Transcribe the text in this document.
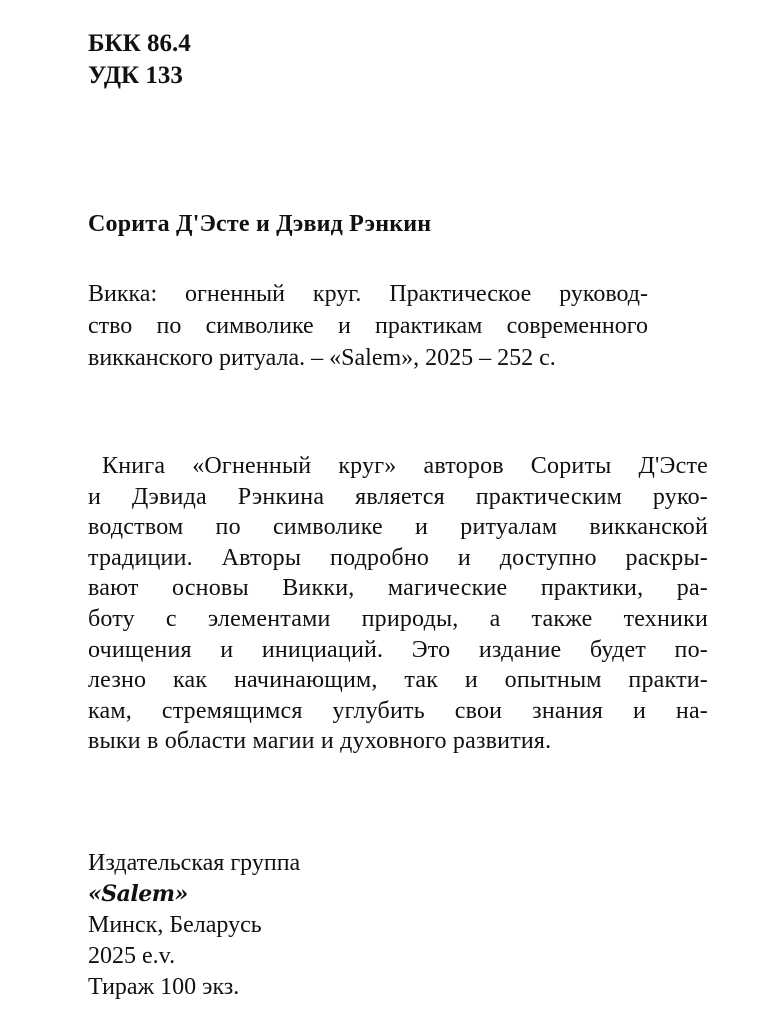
БКК 86.4
УДК 133
Сорита Д'Эсте и Дэвид Рэнкин
Викка: огненный круг. Практическое руковод-
ство по символике и практикам современного
викканского ритуала. – «Salem», 2025 – 252 с.
Книга «Огненный круг» авторов Сориты Д'Эсте
и Дэвида Рэнкина является практическим руко-
водством по символике и ритуалам викканской
традиции. Авторы подробно и доступно раскры-
вают основы Викки, магические практики, ра-
боту с элементами природы, а также техники
очищения и инициаций. Это издание будет по-
лезно как начинающим, так и опытным практи-
кам, стремящимся углубить свои знания и на-
выки в области магии и духовного развития.
Издательская группа
«Salem»
Минск, Беларусь
2025 e.v.
Тираж 100 экз.
